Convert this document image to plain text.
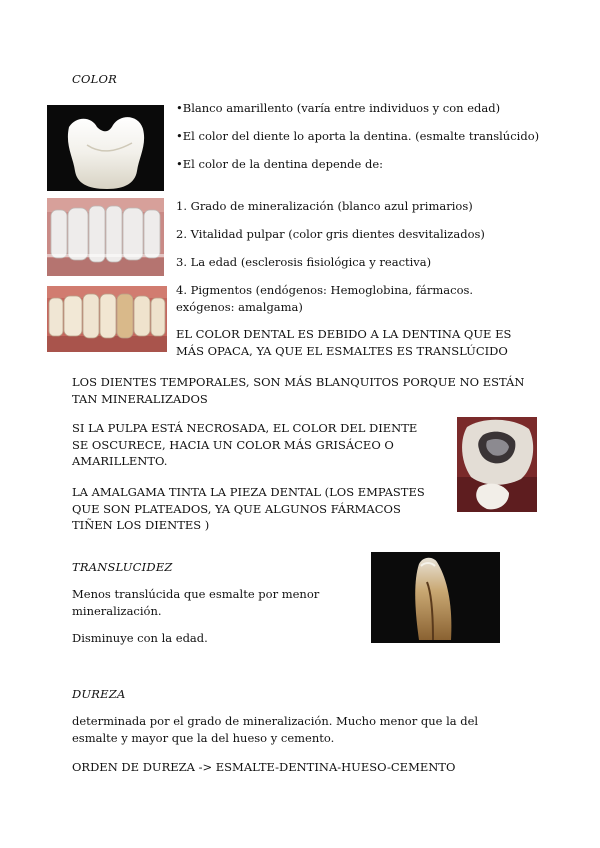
COLOR
•Blanco amarillento (varía entre individuos y con edad)
•El color del diente lo aporta la dentina. (esmalte translúcido)
•El color de la dentina depende de:
1. Grado de mineralización (blanco azul primarios)
2. Vitalidad pulpar (color gris dientes desvitalizados)
3. La edad (esclerosis fisiológica y reactiva)
4. Pigmentos (endógenos: Hemoglobina, fármacos. exógenos: amalgama)
EL COLOR DENTAL ES DEBIDO A LA DENTINA QUE ES MÁS OPACA, YA QUE EL ESMALTES ES TRANSLÚCIDO
LOS DIENTES TEMPORALES, SON MÁS BLANQUITOS PORQUE NO ESTÁN TAN MINERALIZADOS
SI LA PULPA ESTÁ NECROSADA, EL COLOR DEL DIENTE SE OSCURECE, HACIA UN COLOR MÁS GRISÁCEO O AMARILLENTO.
LA AMALGAMA TINTA LA PIEZA DENTAL (LOS EMPASTES QUE SON PLATEADOS, YA QUE ALGUNOS FÁRMACOS TIÑEN LOS DIENTES )
TRANSLUCIDEZ
Menos translúcida que esmalte por menor mineralización.
Disminuye con la edad.
DUREZA
determinada por el grado de mineralización. Mucho menor que la del esmalte y mayor que la del hueso y cemento.
ORDEN DE DUREZA -> ESMALTE-DENTINA-HUESO-CEMENTO
